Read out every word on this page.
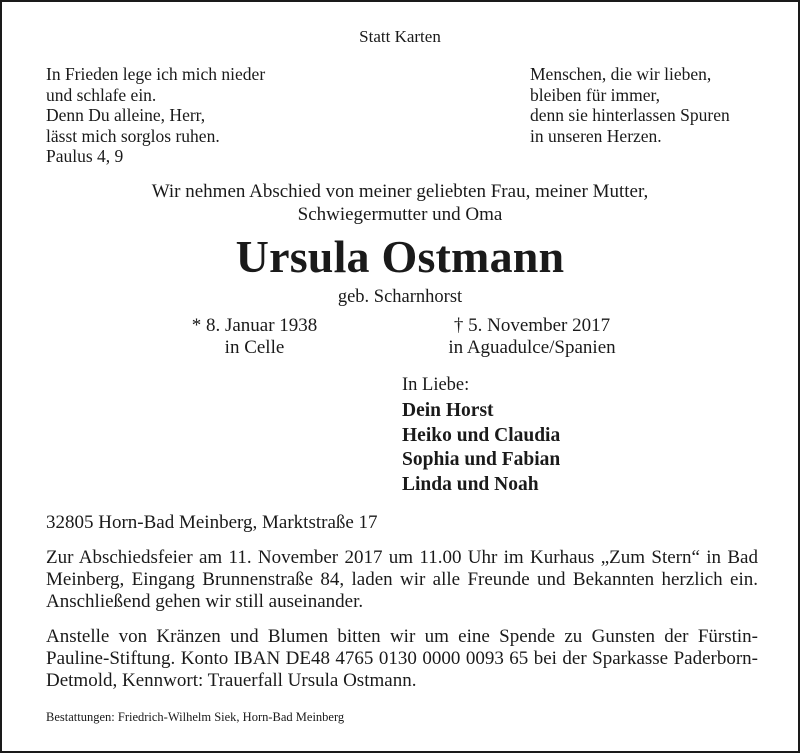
Statt Karten
In Frieden lege ich mich nieder
und schlafe ein.
Denn Du alleine, Herr,
lässt mich sorglos ruhen.
Paulus 4, 9
Menschen, die wir lieben,
bleiben für immer,
denn sie hinterlassen Spuren
in unseren Herzen.
Wir nehmen Abschied von meiner geliebten Frau, meiner Mutter,
Schwiegermutter und Oma
Ursula Ostmann
geb. Scharnhorst
* 8. Januar 1938
in Celle
† 5. November 2017
in Aguadulce/Spanien
In Liebe:
Dein Horst
Heiko und Claudia
Sophia und Fabian
Linda und Noah
32805 Horn-Bad Meinberg, Marktstraße 17
Zur Abschiedsfeier am 11. November 2017 um 11.00 Uhr im Kurhaus „Zum Stern“ in Bad Meinberg, Eingang Brunnenstraße 84, laden wir alle Freunde und Bekannten herzlich ein. Anschließend gehen wir still auseinander.
Anstelle von Kränzen und Blumen bitten wir um eine Spende zu Gunsten der Fürstin-Pauline-Stiftung. Konto IBAN DE48 4765 0130 0000 0093 65 bei der Sparkasse Paderborn-Detmold, Kennwort: Trauerfall Ursula Ostmann.
Bestattungen: Friedrich-Wilhelm Siek, Horn-Bad Meinberg
